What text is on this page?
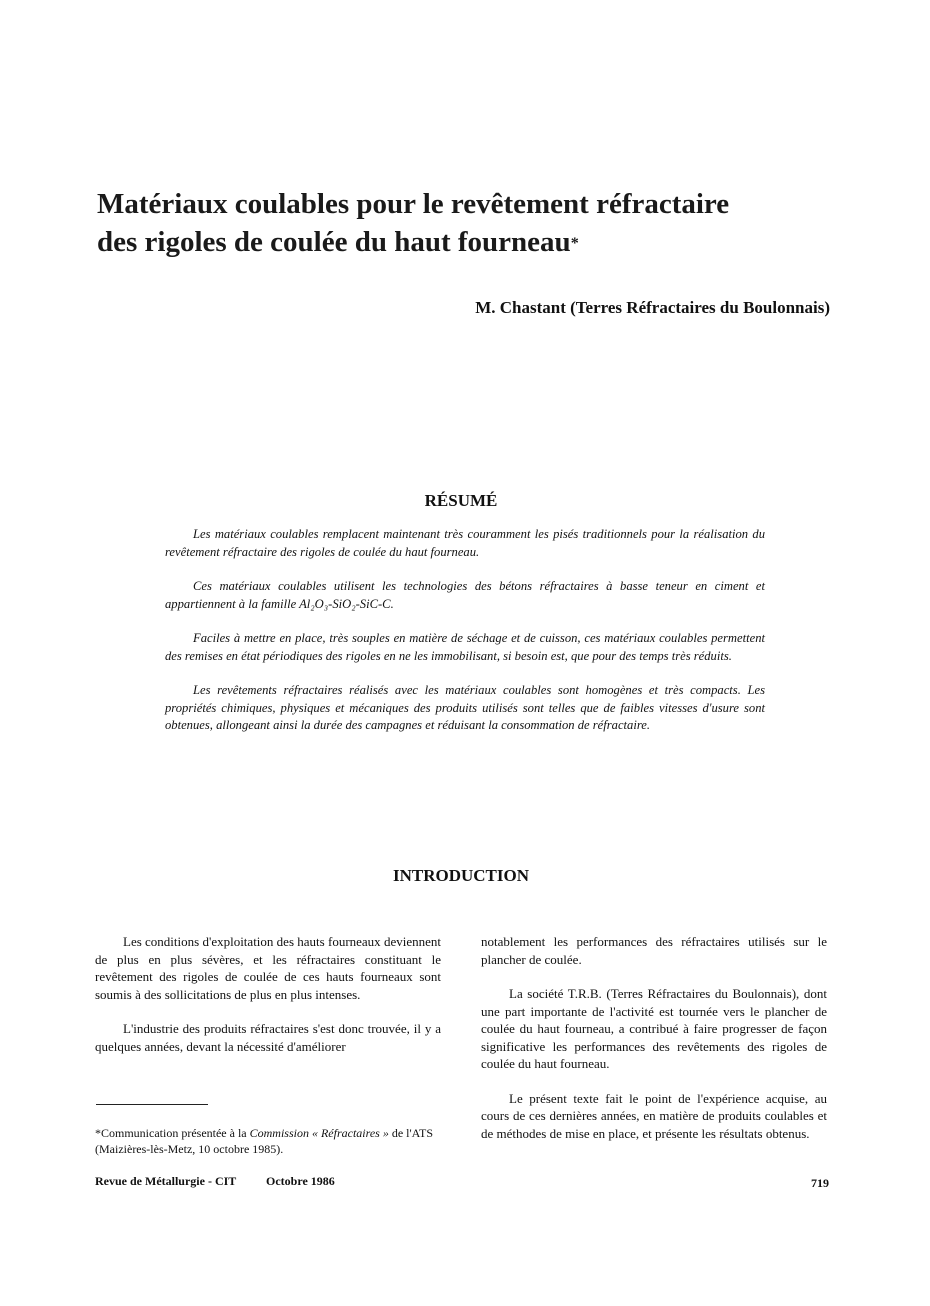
Matériaux coulables pour le revêtement réfractaire
des rigoles de coulée du haut fourneau*

M. Chastant (Terres Réfractaires du Boulonnais)

RÉSUMÉ

Les matériaux coulables remplacent maintenant très couramment les pisés traditionnels pour la réalisation du revêtement réfractaire des rigoles de coulée du haut fourneau.

Ces matériaux coulables utilisent les technologies des bétons réfractaires à basse teneur en ciment et appartiennent à la famille Al₂O₃-SiO₂-SiC-C.

Faciles à mettre en place, très souples en matière de séchage et de cuisson, ces matériaux coulables permettent des remises en état périodiques des rigoles en ne les immobilisant, si besoin est, que pour des temps très réduits.

Les revêtements réfractaires réalisés avec les matériaux coulables sont homogènes et très compacts. Les propriétés chimiques, physiques et mécaniques des produits utilisés sont telles que de faibles vitesses d'usure sont obtenues, allongeant ainsi la durée des campagnes et réduisant la consommation de réfractaire.

INTRODUCTION

Les conditions d'exploitation des hauts fourneaux deviennent de plus en plus sévères, et les réfractaires constituant le revêtement des rigoles de coulée de ces hauts fourneaux sont soumis à des sollicitations de plus en plus intenses.

L'industrie des produits réfractaires s'est donc trouvée, il y a quelques années, devant la nécessité d'améliorer

notablement les performances des réfractaires utilisés sur le plancher de coulée.

La société T.R.B. (Terres Réfractaires du Boulonnais), dont une part importante de l'activité est tournée vers le plancher de coulée du haut fourneau, a contribué à faire progresser de façon significative les performances des revêtements des rigoles de coulée du haut fourneau.

Le présent texte fait le point de l'expérience acquise, au cours de ces dernières années, en matière de produits coulables et de méthodes de mise en place, et présente les résultats obtenus.

*Communication présentée à la Commission « Réfractaires » de l'ATS (Maizières-lès-Metz, 10 octobre 1985).

Revue de Métallurgie - CIT Octobre 1986	719
